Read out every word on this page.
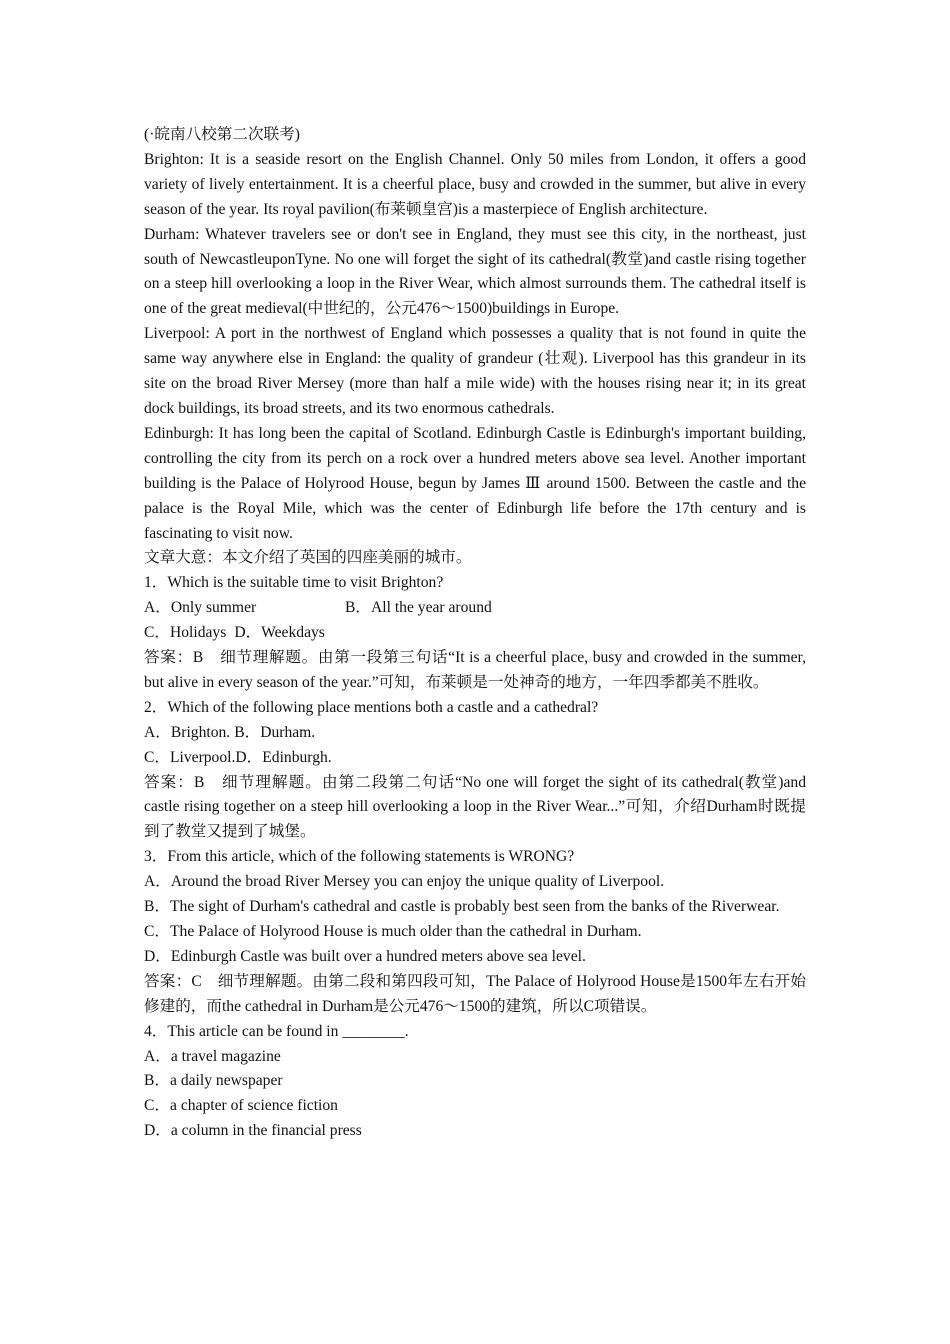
(·皖南八校第二次联考)

Brighton: It is a seaside resort on the English Channel. Only 50 miles from London, it offers a good variety of lively entertainment. It is a cheerful place, busy and crowded in the summer, but alive in every season of the year. Its royal pavilion(布莱顿皇宫)is a masterpiece of English architecture.

Durham: Whatever travelers see or don't see in England, they must see this city, in the northeast, just south of NewcastleuponTyne. No one will forget the sight of its cathedral(教堂)and castle rising together on a steep hill overlooking a loop in the River Wear, which almost surrounds them. The cathedral itself is one of the great medieval(中世纪的，公元476～1500)buildings in Europe.

Liverpool: A port in the northwest of England which possesses a quality that is not found in quite the same way anywhere else in England: the quality of grandeur (壮观). Liverpool has this grandeur in its site on the broad River Mersey (more than half a mile wide) with the houses rising near it; in its great dock buildings, its broad streets, and its two enormous cathedrals.

Edinburgh: It has long been the capital of Scotland. Edinburgh Castle is Edinburgh's important building, controlling the city from its perch on a rock over a hundred meters above sea level. Another important building is the Palace of Holyrood House, begun by James Ⅲ around 1500. Between the castle and the palace is the Royal Mile, which was the center of Edinburgh life before the 17th century and is fascinating to visit now.

文章大意：本文介绍了英国的四座美丽的城市。
1．Which is the suitable time to visit Brighton?
A．Only summer	B．All the year around
C．Holidays D．Weekdays

答案：B　细节理解题。由第一段第三句话“It is a cheerful place, busy and crowded in the summer, but alive in every season of the year.”可知，布莱顿是一处神奇的地方，一年四季都美不胜收。

2．Which of the following place mentions both a castle and a cathedral?
A．Brighton. B．Durham.
C．Liverpool. D．Edinburgh.

答案：B　细节理解题。由第二段第二句话“No one will forget the sight of its cathedral(教堂)and castle rising together on a steep hill overlooking a loop in the River Wear...”可知，介绍Durham时既提到了教堂又提到了城堡。

3．From this article, which of the following statements is WRONG?

A．Around the broad River Mersey you can enjoy the unique quality of Liverpool.

B．The sight of Durham's cathedral and castle is probably best seen from the banks of the Riverwear.

C．The Palace of Holyrood House is much older than the cathedral in Durham.

D．Edinburgh Castle was built over a hundred meters above sea level.

答案：C　细节理解题。由第二段和第四段可知，The Palace of Holyrood House是1500年左右开始修建的，而the cathedral in Durham是公元476～1500的建筑，所以C项错误。

4．This article can be found in ________.
A．a travel magazine
B．a daily newspaper
C．a chapter of science fiction
D．a column in the financial press
